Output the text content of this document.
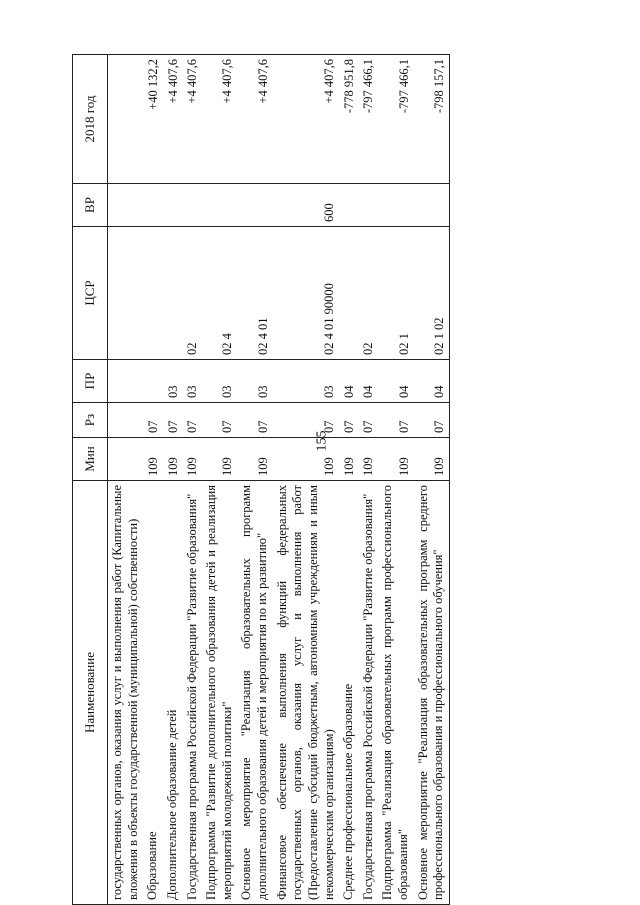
155
Наименование	Мин	Рз	ПР	ЦСР	ВР	2018 год
государственных органов, оказания услуг и выполнения работ (Капитальные вложения в объекты государственной (муниципальной) собственности)						
Образование	109	07				+40 132,2
Дополнительное образование детей	109	07	03			+4 407,6
Государственная программа Российской Федерации "Развитие образования"	109	07	03	02		+4 407,6
Подпрограмма "Развитие дополнительного образования детей и реализация мероприятий молодежной политики"	109	07	03	02 4		+4 407,6
Основное мероприятие "Реализация образовательных программ дополнительного образования детей и мероприятия по их развитию"	109	07	03	02 4 01		+4 407,6
Финансовое обеспечение выполнения функций федеральных государственных органов, оказания услуг и выполнения работ (Предоставление субсидий бюджетным, автономным учреждениям и иным некоммерческим организациям)	109	07	03	02 4 01 90000	600	+4 407,6
Среднее профессиональное образование	109	07	04			-778 951,8
Государственная программа Российской Федерации "Развитие образования"	109	07	04	02		-797 466,1
Подпрограмма "Реализация образовательных программ профессионального образования"	109	07	04	02 1		-797 466,1
Основное мероприятие "Реализация образовательных программ среднего профессионального образования и профессионального обучения"	109	07	04	02 1 02		-798 157,1
